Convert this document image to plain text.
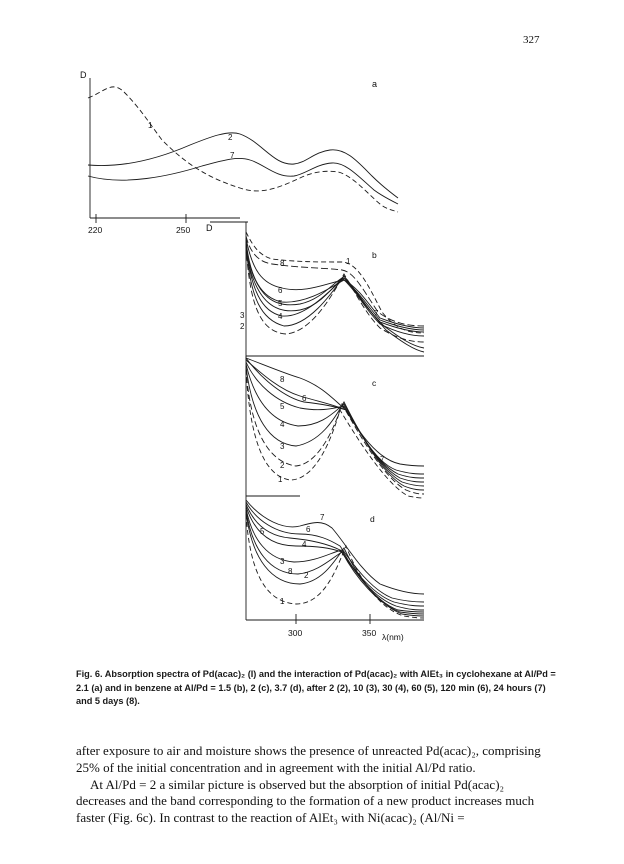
327
D
a
220	250
1
2
7
D
b
8
6
5
4
3
2
1
7
c
8
6
5
4
3
2
1
7
d
7
6
5
4
3
8 2
1
300	350 λ(nm)
Fig. 6. Absorption spectra of Pd(acac)₂ (I) and the interaction of Pd(acac)₂ with AlEt₃ in cyclohexane at Al/Pd = 2.1 (a) and in benzene at Al/Pd = 1.5 (b), 2 (c), 3.7 (d), after 2 (2), 10 (3), 30 (4), 60 (5), 120 min (6), 24 hours (7) and 5 days (8).

after exposure to air and moisture shows the presence of unreacted Pd(acac)₂, comprising 25% of the initial concentration and in agreement with the initial Al/Pd ratio.

At Al/Pd = 2 a similar picture is observed but the absorption of initial Pd(acac)₂ decreases and the band corresponding to the formation of a new product increases much faster (Fig. 6c). In contrast to the reaction of AlEt₃ with Ni(acac)₂ (Al/Ni =
